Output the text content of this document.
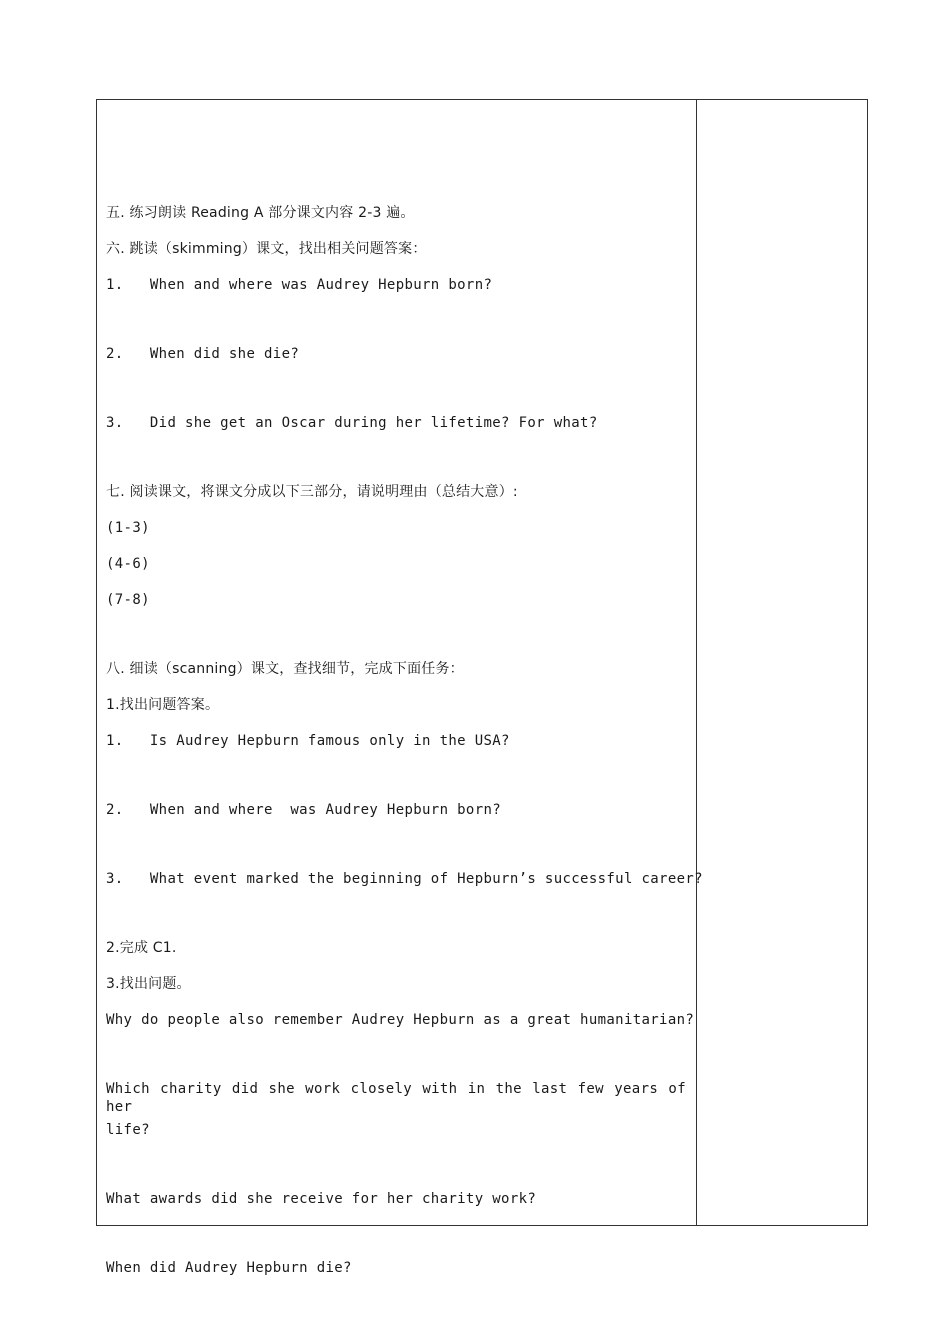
五. 练习朗读 Reading A 部分课文内容 2-3 遍。
六. 跳读（skimming）课文，找出相关问题答案：
1.   When and where was Audrey Hepburn born?
2.   When did she die?
3.   Did she get an Oscar during her lifetime? For what?
七. 阅读课文，将课文分成以下三部分，请说明理由（总结大意）:
(1-3)
(4-6)
(7-8)
八. 细读（scanning）课文，查找细节，完成下面任务：
1.找出问题答案。
1.   Is Audrey Hepburn famous only in the USA?
2.   When and where  was Audrey Hepburn born?
3.   What event marked the beginning of Hepburn’s successful career?
2.完成 C1.
3.找出问题。
Why do people also remember Audrey Hepburn as a great humanitarian?
Which charity did she work closely with in the last few years of her
life?
What awards did she receive for her charity work?
When did Audrey Hepburn die?
